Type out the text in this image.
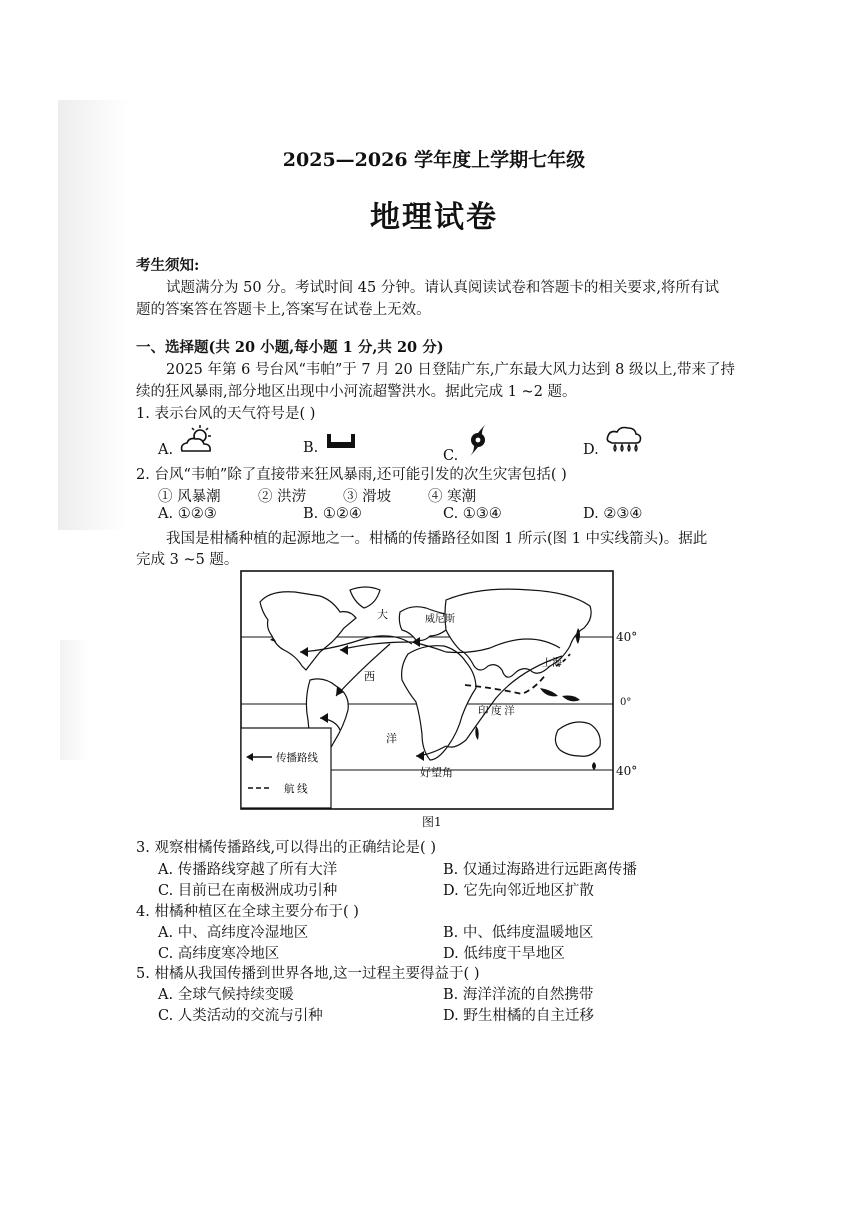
2025—2026 学年度上学期七年级
地理试卷
考生须知:
试题满分为 50 分。考试时间 45 分钟。请认真阅读试卷和答题卡的相关要求,将所有试
题的答案答在答题卡上,答案写在试卷上无效。
一、选择题(共 20 小题,每小题 1 分,共 20 分)
2025 年第 6 号台风“韦帕”于 7 月 20 日登陆广东,广东最大风力达到 8 级以上,带来了持
续的狂风暴雨,部分地区出现中小河流超警洪水。据此完成 1 ~2 题。
1. 表示台风的天气符号是( )
A.	B.	C.	D.
2. 台风“韦帕”除了直接带来狂风暴雨,还可能引发的次生灾害包括( )
① 风暴潮	② 洪涝	③ 滑坡	④ 寒潮
A. ①②③	B. ①②④	C. ①③④	D. ②③④
我国是柑橘种植的起源地之一。柑橘的传播路径如图 1 所示(图 1 中实线箭头)。据此
完成 3 ~5 题。
大
西
洋
威尼斯
上海
印 度 洋
好望角
传播路线
航 线
40°
0°
40°
图1
3. 观察柑橘传播路线,可以得出的正确结论是( )
A. 传播路线穿越了所有大洋	B. 仅通过海路进行远距离传播
C. 目前已在南极洲成功引种	D. 它先向邻近地区扩散
4. 柑橘种植区在全球主要分布于( )
A. 中、高纬度冷湿地区	B. 中、低纬度温暖地区
C. 高纬度寒冷地区	D. 低纬度干旱地区
5. 柑橘从我国传播到世界各地,这一过程主要得益于( )
A. 全球气候持续变暖	B. 海洋洋流的自然携带
C. 人类活动的交流与引种	D. 野生柑橘的自主迁移
